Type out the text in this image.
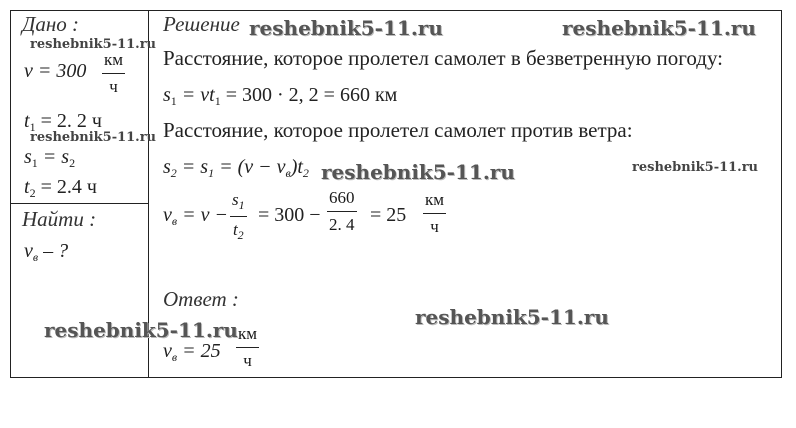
Дано :
v = 300
км
ч
$t_1 = 2$. 2 ч
$s_1 = s_2$
$t_2 = 2.4$ ч
Найти :
$v_в$ – ?
Решение
Расстояние, которое пролетел самолет в безветренную погоду:
$s_1 = vt_1 = 300 \cdot 2$, 2 = 660 км
Расстояние, которое пролетел самолет против ветра:
$s_2 = s_1 = (v - v_в)t_2$
$v_в = v$ −
$s_1$
$t_2$
= 300 −
660
2. 4 = 25
км
ч
Ответ :
$v_в = 25$
км
ч
reshebnik5-11.ru	reshebnik5-11.ru
reshebnik5-11.ru
reshebnik5-11.ru
reshebnik5-11.ru	reshebnik5-11.ru
reshebnik5-11.ru
reshebnik5-11.ru
